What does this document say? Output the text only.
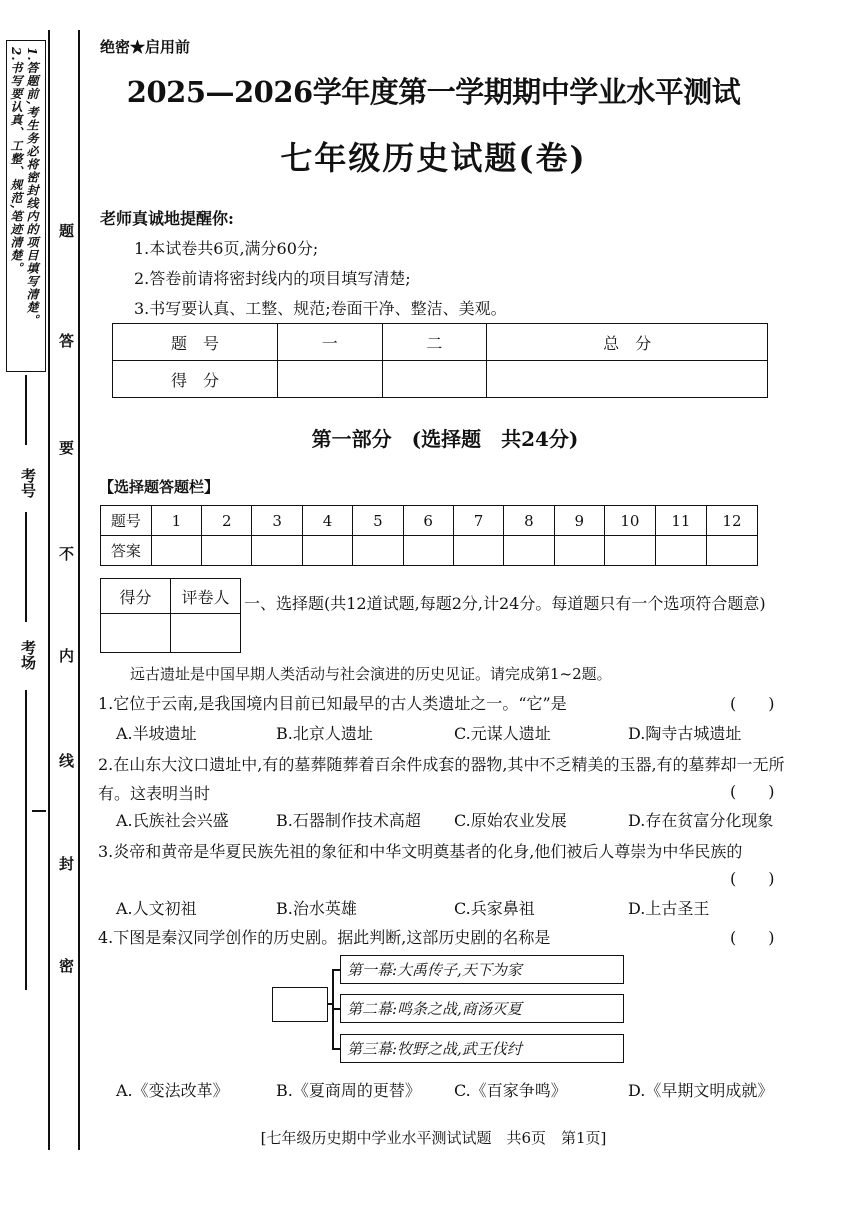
1.答题前,考生务必将密封线内的项目填写清楚。
2.书写要认真、工整、规范,笔迹清楚。
考号
考场
题
答
要
不
内
线
封
密
绝密★启用前
2025—2026学年度第一学期期中学业水平测试
七年级历史试题(卷)
老师真诚地提醒你:
1.本试卷共6页,满分60分;
2.答卷前请将密封线内的项目填写清楚;
3.书写要认真、工整、规范;卷面干净、整洁、美观。
题　号	一	二	总　分
得　分			
第一部分　(选择题　共24分)
【选择题答题栏】
题号	1	2	3	4	5	6	7	8	9	10	11	12
答案												
得分	评卷人
	一、选择题(共12道试题,每题2分,计24分。每道题只有一个选项符合题意)
远古遗址是中国早期人类活动与社会演进的历史见证。请完成第1~2题。
1.它位于云南,是我国境内目前已知最早的古人类遗址之一。“它”是	(　　)
A.半坡遗址	B.北京人遗址	C.元谋人遗址	D.陶寺古城遗址
2.在山东大汶口遗址中,有的墓葬随葬着百余件成套的器物,其中不乏精美的玉器,有的墓葬却一无所有。这表明当时	(　　)
A.氏族社会兴盛	B.石器制作技术高超 C.原始农业发展	D.存在贫富分化现象
3.炎帝和黄帝是华夏民族先祖的象征和中华文明奠基者的化身,他们被后人尊崇为中华民族的
(　　)
A.人文初祖	B.治水英雄	C.兵家鼻祖	D.上古圣王
4.下图是秦汉同学创作的历史剧。据此判断,这部历史剧的名称是	(　　)
第一幕:大禹传子,天下为家
第二幕:鸣条之战,商汤灭夏
第三幕:牧野之战,武王伐纣
A.《变法改革》	B.《夏商周的更替》 C.《百家争鸣》	D.《早期文明成就》
[七年级历史期中学业水平测试试题　共6页　第1页]
